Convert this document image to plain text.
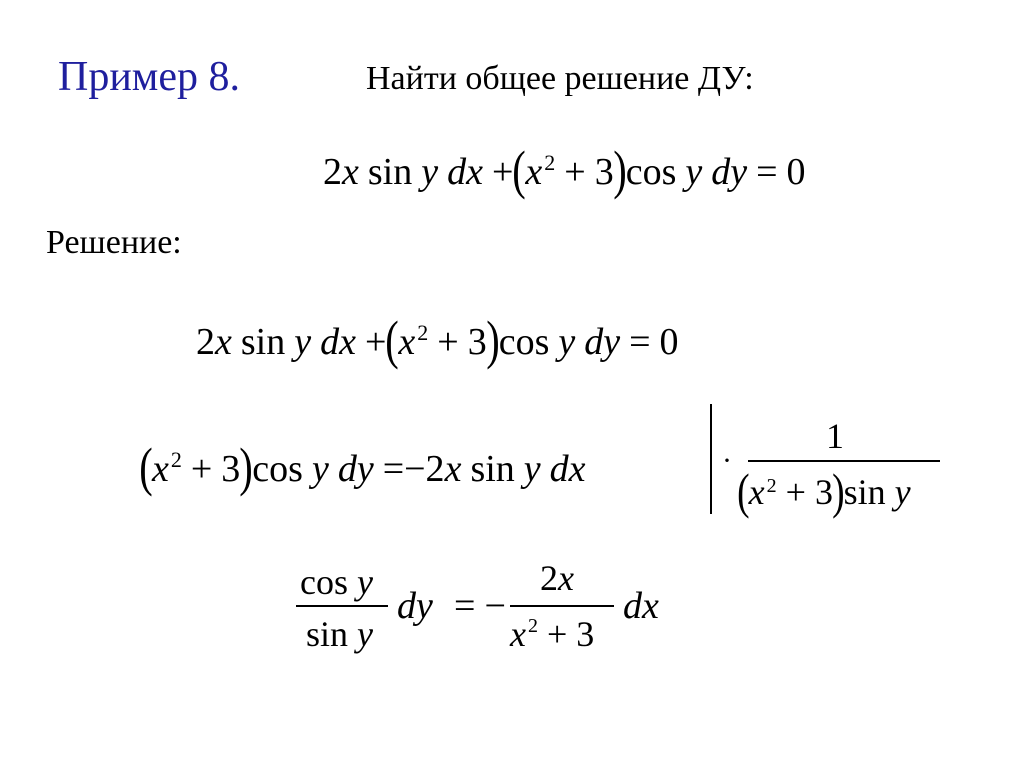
Пример 8.	Найти общее решение ДУ:
2x sin y dx $+(x^2 + 3)\cos$ y dy = 0
Решение:
2x sin y dx $+(x^2 + 3)\cos$ y dy = 0
$(x^2 + 3)\cos$ y dy =−2x sin y dx	·
1
(x $^2$ + 3)sin y
cos y
sin y
dy = −
2x
x $^2$ + 3
dx
